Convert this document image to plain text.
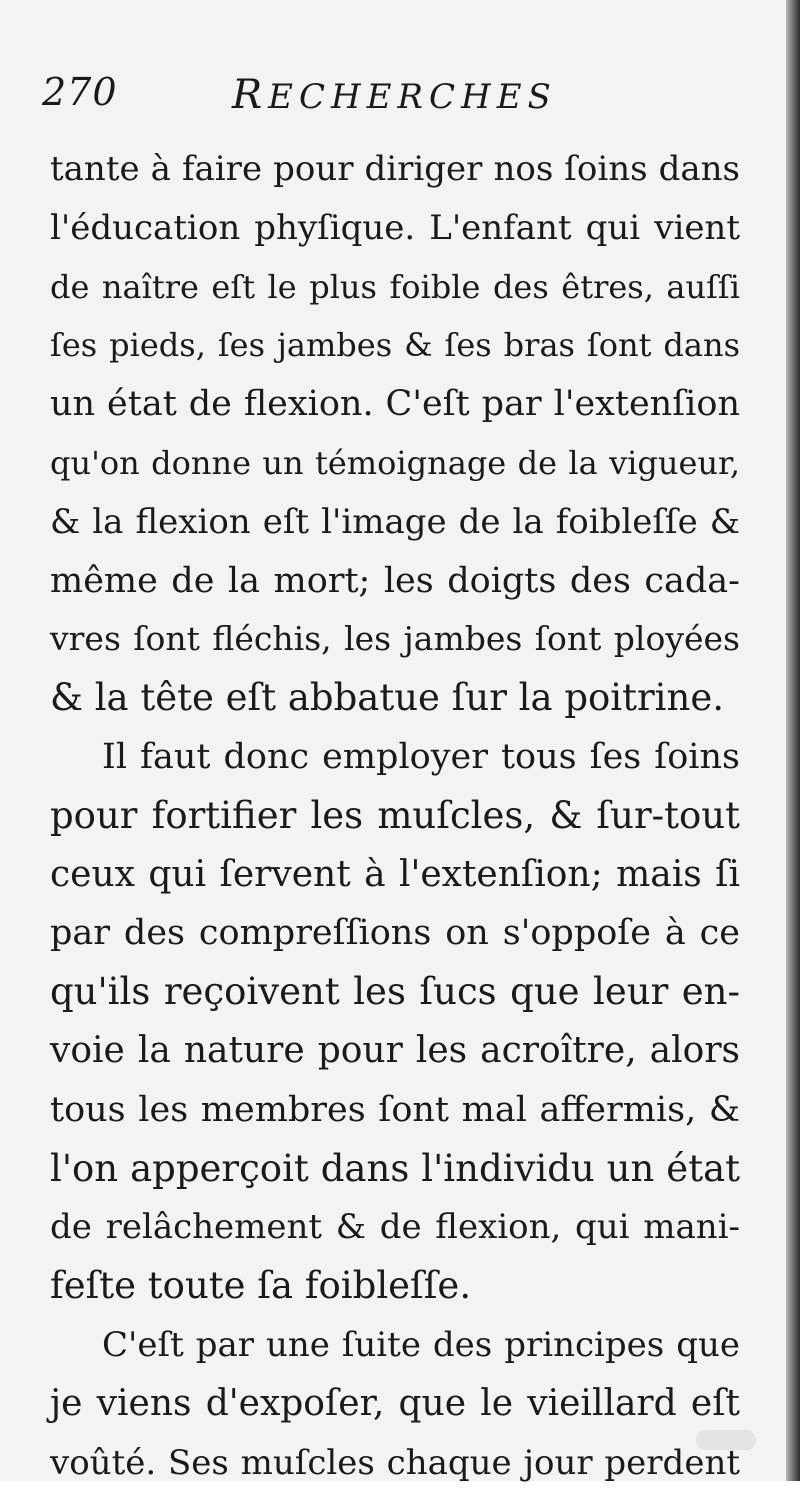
270	RECHERCHES
tante à faire pour diriger nos ſoins dans
l'éducation phyſique. L'enfant qui vient
de naître eſt le plus foible des êtres, auſſi
ſes pieds, ſes jambes & ſes bras ſont dans
un état de flexion. C'eſt par l'extenſion
qu'on donne un témoignage de la vigueur,
& la flexion eſt l'image de la foibleſſe &
même de la mort; les doigts des cada-
vres ſont fléchis, les jambes ſont ployées
& la tête eſt abbatue ſur la poitrine.
Il faut donc employer tous ſes ſoins
pour fortifier les muſcles, & ſur-tout
ceux qui ſervent à l'extenſion; mais ſi
par des compreſſions on s'oppoſe à ce
qu'ils reçoivent les ſucs que leur en-
voie la nature pour les acroître, alors
tous les membres ſont mal affermis, &
l'on apperçoit dans l'individu un état
de relâchement & de flexion, qui mani-
feſte toute ſa foibleſſe.
C'eſt par une ſuite des principes que
je viens d'expoſer, que le vieillard eſt
voûté. Ses muſcles chaque jour perdent
